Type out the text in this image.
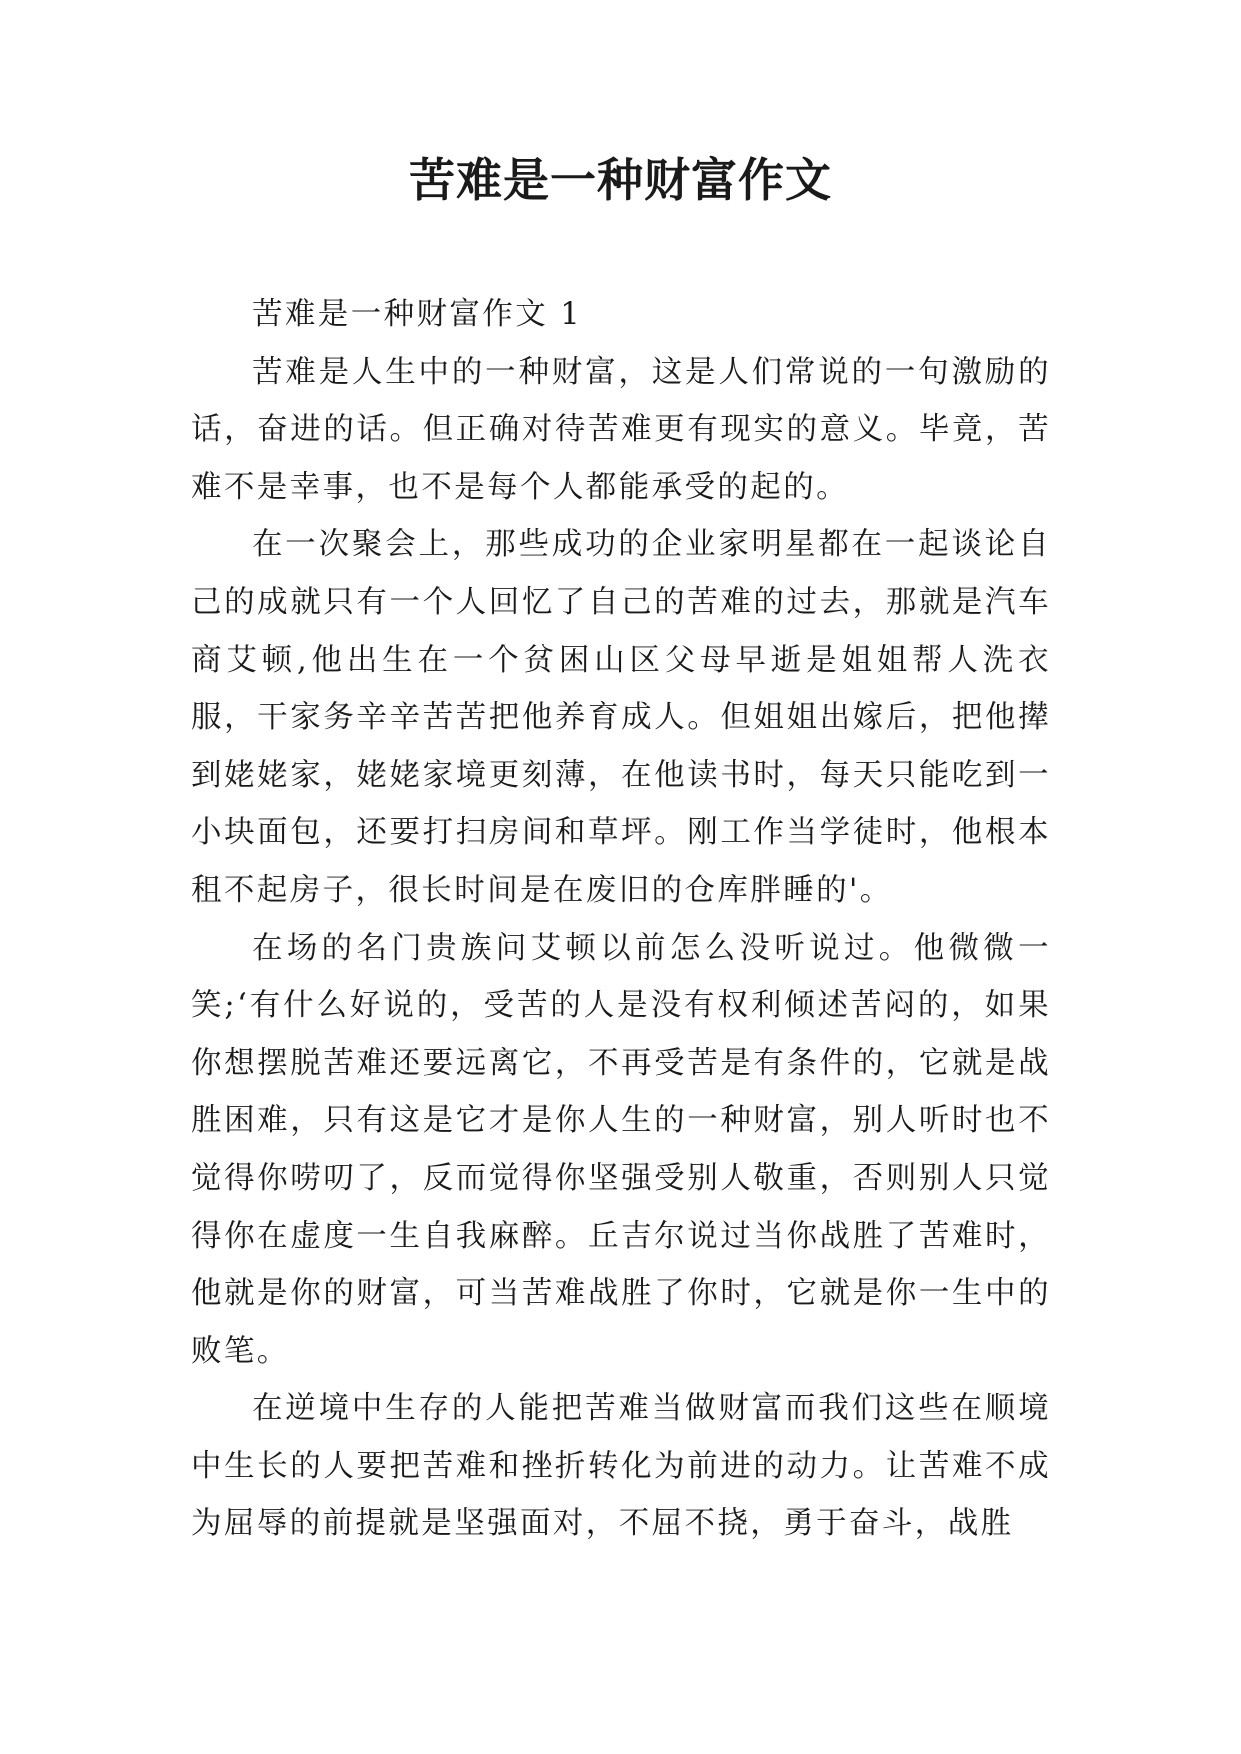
苦难是一种财富作文

苦难是一种财富作文 1

苦难是人生中的一种财富，这是人们常说的一句激励的话，奋进的话。但正确对待苦难更有现实的意义。毕竟，苦难不是幸事，也不是每个人都能承受的起的。

在一次聚会上，那些成功的企业家明星都在一起谈论自己的成就只有一个人回忆了自己的苦难的过去，那就是汽车商艾顿,他出生在一个贫困山区父母早逝是姐姐帮人洗衣服，干家务辛辛苦苦把他养育成人。但姐姐出嫁后，把他撵到姥姥家，姥姥家境更刻薄，在他读书时，每天只能吃到一小块面包，还要打扫房间和草坪。刚工作当学徒时，他根本租不起房子，很长时间是在废旧的仓库胖睡的'。

在场的名门贵族问艾顿以前怎么没听说过。他微微一笑;‘有什么好说的，受苦的人是没有权利倾述苦闷的，如果你想摆脱苦难还要远离它，不再受苦是有条件的，它就是战胜困难，只有这是它才是你人生的一种财富，别人听时也不觉得你唠叨了，反而觉得你坚强受别人敬重，否则别人只觉得你在虚度一生自我麻醉。丘吉尔说过当你战胜了苦难时，他就是你的财富，可当苦难战胜了你时，它就是你一生中的败笔。

在逆境中生存的人能把苦难当做财富而我们这些在顺境中生长的人要把苦难和挫折转化为前进的动力。让苦难不成为屈辱的前提就是坚强面对，不屈不挠，勇于奋斗，战胜
